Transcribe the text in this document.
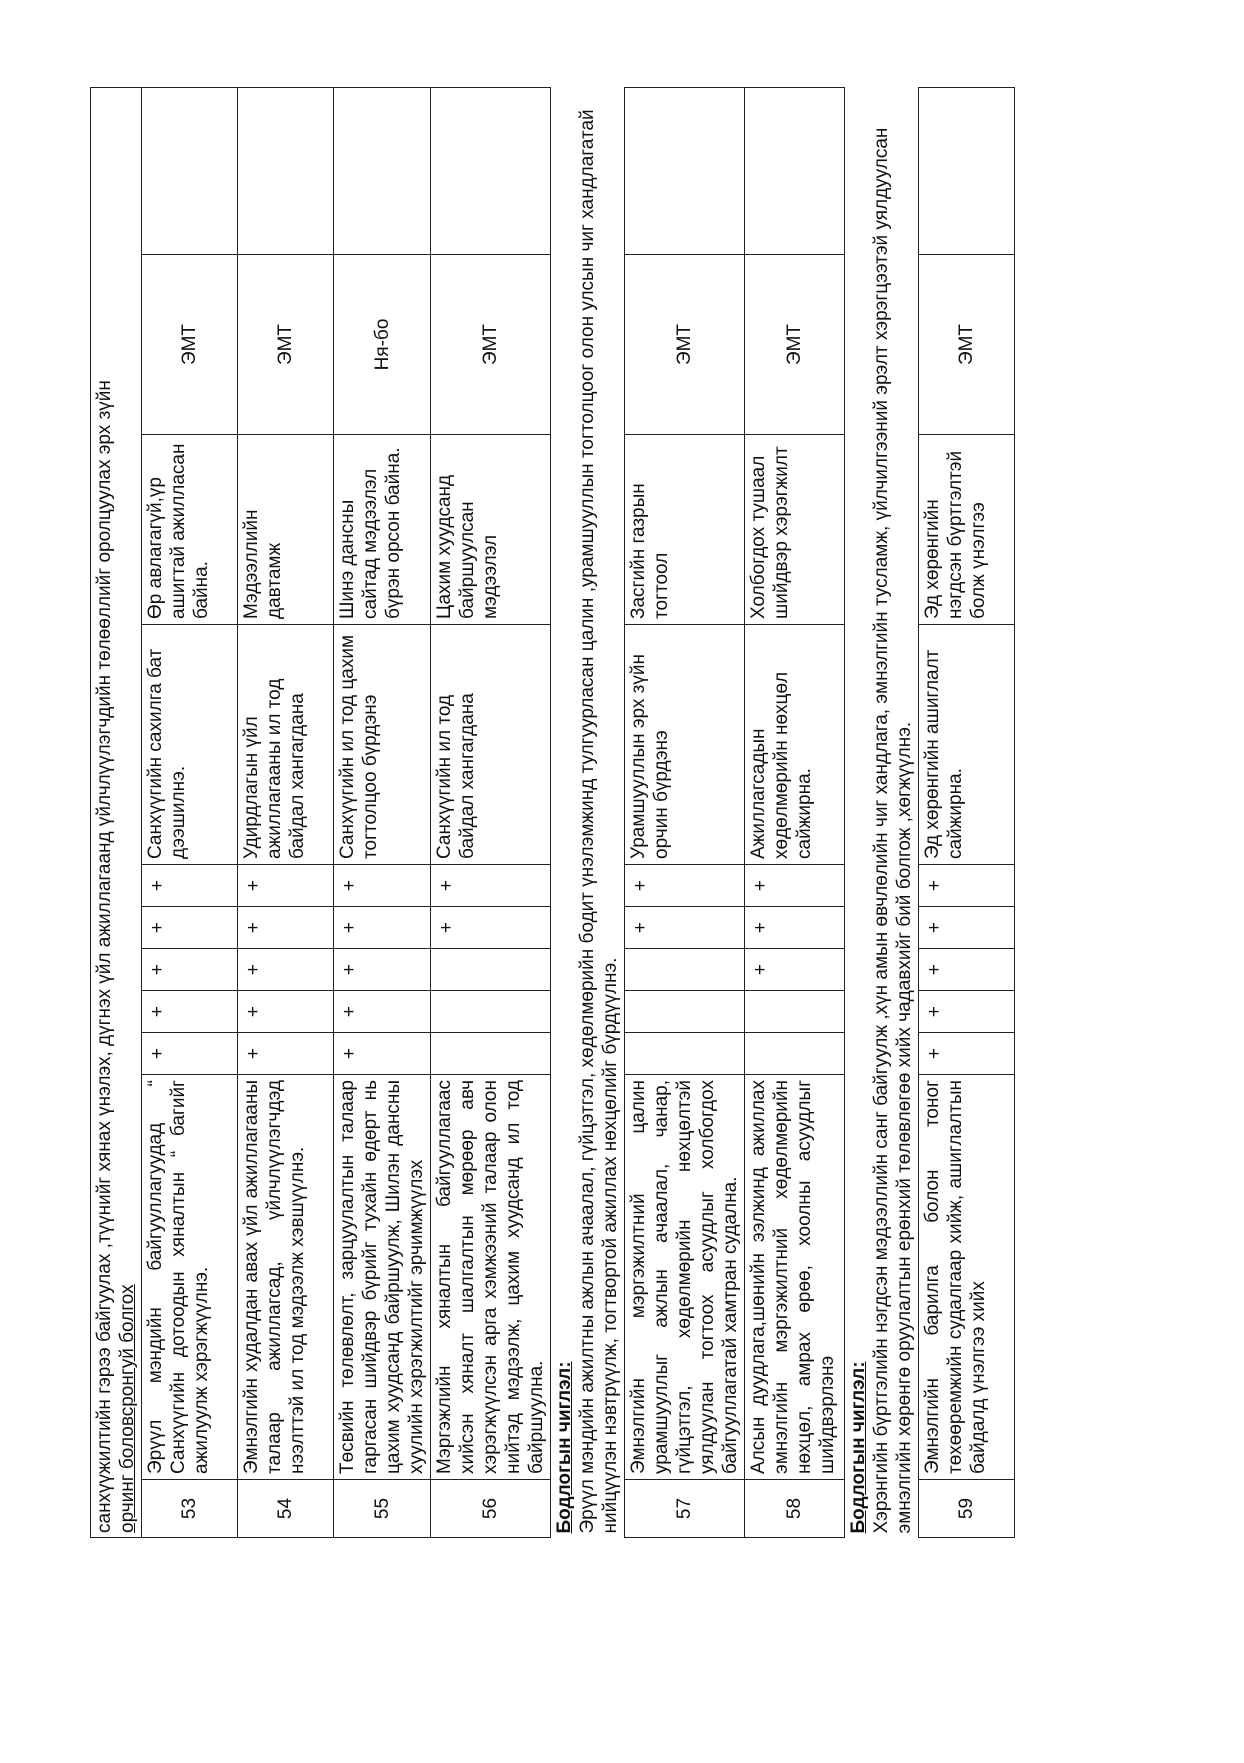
санхүүжилтийн гэрээ байгуулах ,түүнийг хянах үнэлэх, дүгнэх үйл ажиллагаанд үйлчлүүлэгчдийн төлөөллийг оролцуулах эрх зүйн орчинг боловсронгуй болгох										

53	Эрүүл мэндийн байгууллагуудад “ Санхүүгийн дотоодын хяналтын “ багийг ажилуулж хэрэгжүүлнэ.	+	+	+	+	+	Санхүүгийн сахилга бат дээшилнэ.	Өр авлагагүй,үр ашигтай ажилласан байна.	ЭМТ	
54	Эмнэлгийн худалдан авах үйл ажиллагааны талаар ажиллагсад, үйлчлүүлэгчдэд нээлттэй ил тод мэдээлж хэвшүүлнэ.	+	+	+	+	+	Удирдлагын үйл ажиллагааны ил тод байдал хангагдана	Мэдээллийн давтамж	ЭМТ	
55	Төсвийн төлөвлөлт, зарцуулалтын талаар гаргасан шийдвэр бүрийг тухайн өдөрт нь цахим хуудсанд байршуулж, Шилэн дансны хуулийн хэрэгжилтийг эрчимжүүлэх	+	+	+	+	+	Санхүүгийн ил тод цахим тогтолцоо бүрдэнэ	Шинэ дансны сайтад мэдээлэл бүрэн орсон байна.	Ня-бо	
56	Мэргэжлийн хяналтын байгууллагаас хийсэн хяналт шалгалтын мөрөөр авч хэрэгжүүлсэн арга хэмжээний талаар олон нийтэд мэдээлж, цахим хуудсанд ил тод байршуулна.				+	+	Санхүүгийн ил тод байдал хангагдана	Цахим хуудсанд байршуулсан мэдээлэл	ЭМТ	

Бодлогын чиглэл: Эрүүл мэндийн ажилтны ажлын ачаалал, гүйцэтгэл, хөдөлмөрийн бодит үнэлэмжинд тулгуурласан цалин ,урамшууллын тогтолцоог олон улсын чиг хандлагатай нийцүүлэн нэвтрүүлж, тогтвортой ажиллах нөхцөлийг бүрдүүлнэ.										

57	Эмнэлгийн мэргэжилтний цалин урамшууллыг ажлын ачаалал, чанар, гүйцэтгэл, хөдөлмөрийн нөхцөлтэй уялдуулан тогтоох асуудлыг холбогдох байгууллагатай хамтран судална.				+	+	Урамшууллын эрх зүйн орчин бүрдэнэ	Засгийн газрын тогтоол	ЭМТ	
58	Алсын дуудлага,шөнийн ээлжинд ажиллах эмнэлгийн мэргэжилтний хөдөлмөрийн нөхцөл, амрах өрөө, хоолны асуудлыг шийдвэрлэнэ			+	+	+	Ажиллагсадын хөдөлмөрийн нөхцөл сайжирна.	Холбогдох тушаал шийдвэр хэрэгжилт	ЭМТ	

Бодлогын чиглэл: Хэрэнгийн бүртгэлийн нэгдсэн мэдээллийн санг байгуулж ,хүн амын өвчлөлийн чиг хандлага, эмнэлгийн тусламж, үйлчилгээний эрэлт хэрэгцээтэй уялдуулсан эмнэлгийн хөрөнгө оруулалтын ерөнхий төлөвлөгөө хийх чадавхийг бий болгож ,хөгжүүлнэ.										

59	Эмнэлгийн барилга болон тоног төхөөремжийн судалгаар хийж, ашиглалтын байдалд үнэлгээ хийх	+	+	+	+	+	Эд хөрөнгийн ашиглалт сайжирна.	Эд хөрөнгийн нэгдсэн бүртгэлтэй болж үнэлгээ	ЭМТ	
